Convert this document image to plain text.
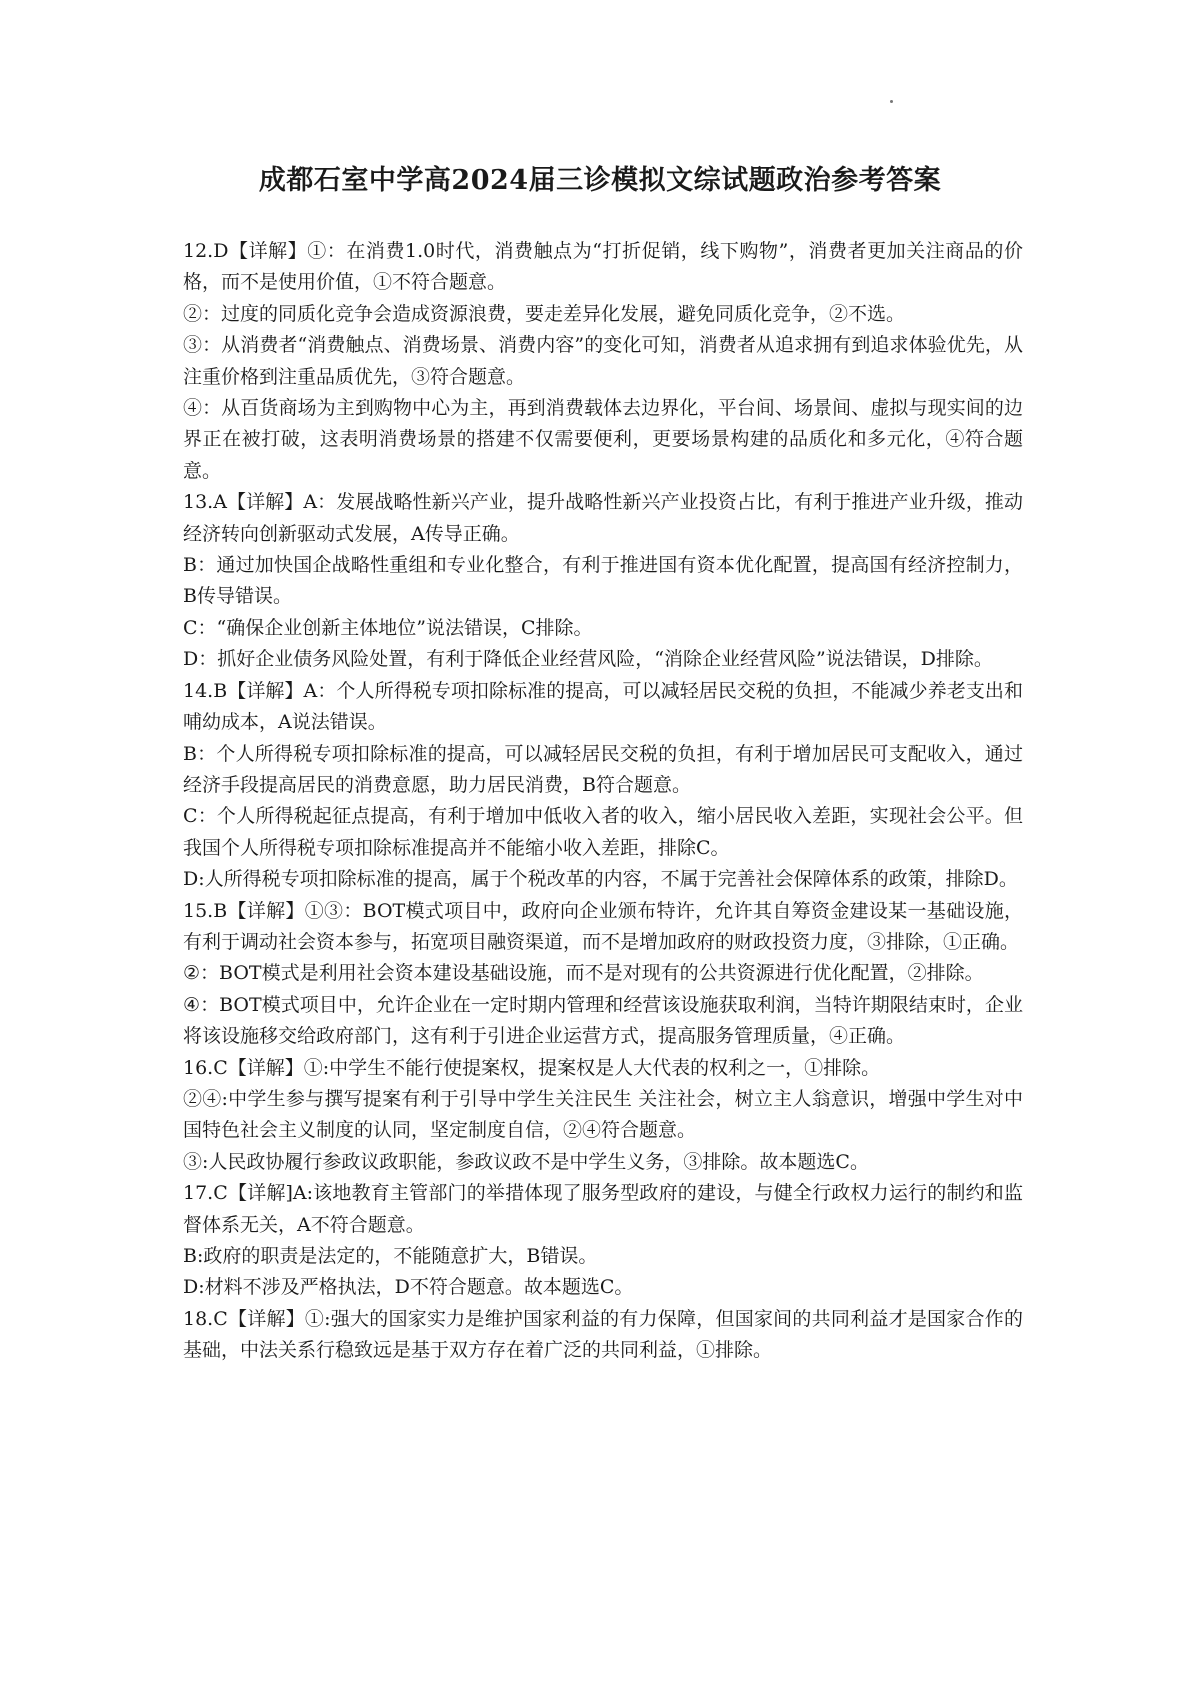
成都石室中学高2024届三诊模拟文综试题政治参考答案

12.D【详解】①：在消费1.0时代，消费触点为“打折促销，线下购物”，消费者更加关注商品的价格，而不是使用价值，①不符合题意。

②：过度的同质化竞争会造成资源浪费，要走差异化发展，避免同质化竞争，②不选。

③：从消费者“消费触点、消费场景、消费内容”的变化可知，消费者从追求拥有到追求体验优先，从注重价格到注重品质优先，③符合题意。

④：从百货商场为主到购物中心为主，再到消费载体去边界化，平台间、场景间、虚拟与现实间的边界正在被打破，这表明消费场景的搭建不仅需要便利，更要场景构建的品质化和多元化，④符合题意。

13.A【详解】A：发展战略性新兴产业，提升战略性新兴产业投资占比，有利于推进产业升级，推动经济转向创新驱动式发展，A传导正确。

B：通过加快国企战略性重组和专业化整合，有利于推进国有资本优化配置，提高国有经济控制力，B传导错误。

C：“确保企业创新主体地位”说法错误，C排除。

D：抓好企业债务风险处置，有利于降低企业经营风险，“消除企业经营风险”说法错误，D排除。

14.B【详解】A：个人所得税专项扣除标准的提高，可以减轻居民交税的负担，不能减少养老支出和哺幼成本，A说法错误。

B：个人所得税专项扣除标准的提高，可以减轻居民交税的负担，有利于增加居民可支配收入，通过经济手段提高居民的消费意愿，助力居民消费，B符合题意。

C：个人所得税起征点提高，有利于增加中低收入者的收入，缩小居民收入差距，实现社会公平。但我国个人所得税专项扣除标准提高并不能缩小收入差距，排除C。

D:人所得税专项扣除标准的提高，属于个税改革的内容，不属于完善社会保障体系的政策，排除D。

15.B【详解】①③：BOT模式项目中，政府向企业颁布特许，允许其自筹资金建设某一基础设施，有利于调动社会资本参与，拓宽项目融资渠道，而不是增加政府的财政投资力度，③排除，①正确。

②：BOT模式是利用社会资本建设基础设施，而不是对现有的公共资源进行优化配置，②排除。

④：BOT模式项目中，允许企业在一定时期内管理和经营该设施获取利润，当特许期限结束时，企业将该设施移交给政府部门，这有利于引进企业运营方式，提高服务管理质量，④正确。

16.C【详解】①:中学生不能行使提案权，提案权是人大代表的权利之一，①排除。

②④:中学生参与撰写提案有利于引导中学生关注民生 关注社会，树立主人翁意识，增强中学生对中国特色社会主义制度的认同，坚定制度自信，②④符合题意。

③:人民政协履行参政议政职能，参政议政不是中学生义务，③排除。故本题选C。

17.C【详解]A:该地教育主管部门的举措体现了服务型政府的建设，与健全行政权力运行的制约和监督体系无关，A不符合题意。

B:政府的职责是法定的，不能随意扩大，B错误。

D:材料不涉及严格执法，D不符合题意。故本题选C。

18.C【详解】①:强大的国家实力是维护国家利益的有力保障，但国家间的共同利益才是国家合作的基础，中法关系行稳致远是基于双方存在着广泛的共同利益，①排除。
